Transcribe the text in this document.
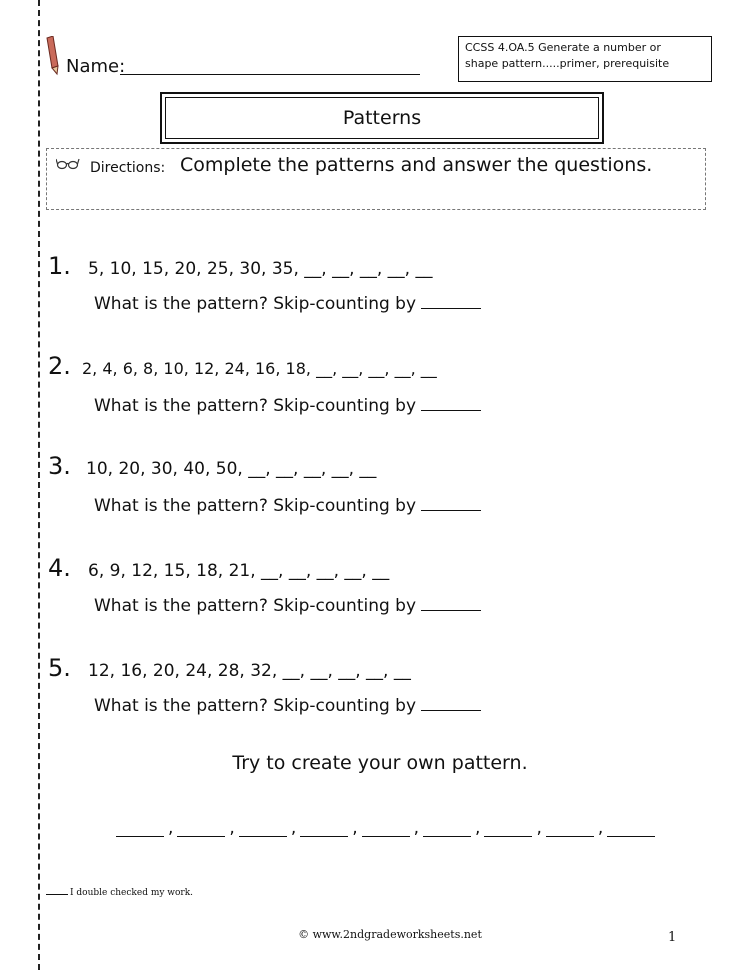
Name:
CCSS 4.OA.5 Generate a number or
shape pattern.....primer, prerequisite
Patterns
Directions: Complete the patterns and answer the questions.
1. 5, 10, 15, 20, 25, 30, 35, __, __, __, __, __
What is the pattern? Skip-counting by
2. 2, 4, 6, 8, 10, 12, 24, 16, 18, __, __, __, __, __
What is the pattern? Skip-counting by
3. 10, 20, 30, 40, 50, __, __, __, __, __
What is the pattern? Skip-counting by
4. 6, 9, 12, 15, 18, 21, __, __, __, __, __
What is the pattern? Skip-counting by
5. 12, 16, 20, 24, 28, 32, __, __, __, __, __
What is the pattern? Skip-counting by
Try to create your own pattern.
,	,	,	,	,	,	,	,
I double checked my work.
© www.2ndgradeworksheets.net	1
